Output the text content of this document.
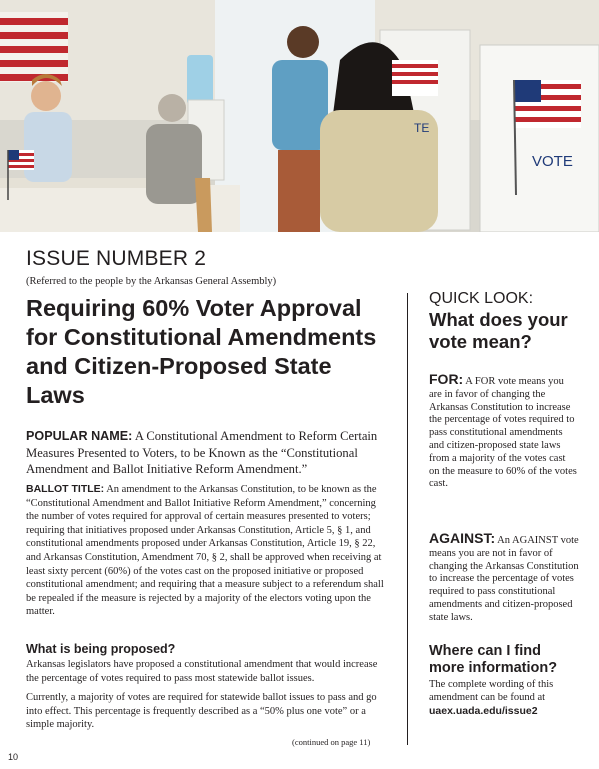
TE
VOTE
ISSUE NUMBER 2
(Referred to the people by the Arkansas General Assembly)
Requiring 60% Voter Approval for Constitutional Amendments and Citizen-Proposed State Laws
POPULAR NAME: A Constitutional Amendment to Reform Certain Measures Presented to Voters, to be Known as the “Constitutional Amendment and Ballot Initiative Reform Amendment.”
BALLOT TITLE: An amendment to the Arkansas Constitution, to be known as the “Constitutional Amendment and Ballot Initiative Reform Amendment,” concerning the number of votes required for approval of certain measures presented to voters; requiring that initiatives proposed under Arkansas Constitution, Article 5, § 1, and constitutional amendments proposed under Arkansas Constitution, Article 19, § 22, and Arkansas Constitution, Amendment 70, § 2, shall be approved when receiving at least sixty percent (60%) of the votes cast on the proposed initiative or proposed constitutional amendment; and requiring that a measure subject to a referendum shall be repealed if the measure is rejected by a majority of the electors voting upon the matter.
What is being proposed?
Arkansas legislators have proposed a constitutional amendment that would increase the percentage of votes required to pass most statewide ballot issues.
Currently, a majority of votes are required for statewide ballot issues to pass and go into effect. This percentage is frequently described as a “50% plus one vote” or a simple majority.
(continued on page 11)
10
QUICK LOOK:
What does your vote mean?
FOR: A FOR vote means you are in favor of changing the Arkansas Constitution to increase the percentage of votes required to pass constitutional amendments and citizen-proposed state laws from a majority of the votes cast on the measure to 60% of the votes cast.
AGAINST: An AGAINST vote means you are not in favor of changing the Arkansas Constitution to increase the percentage of votes required to pass constitutional amendments and citizen-proposed state laws.
Where can I find more information?
The complete wording of this amendment can be found at
uaex.uada.edu/issue2
